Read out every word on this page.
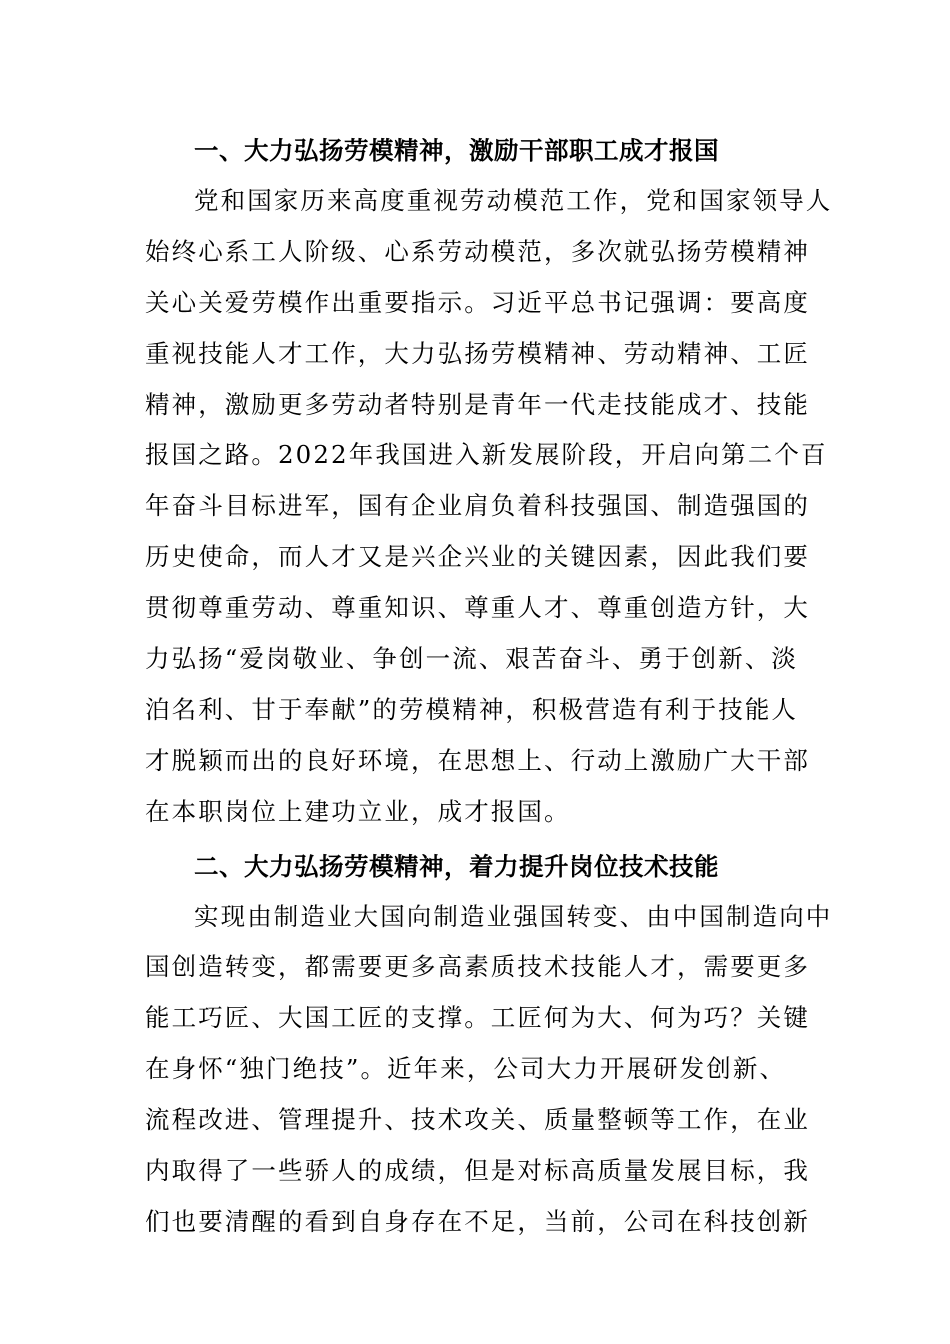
一、大力弘扬劳模精神，激励干部职工成才报国
党和国家历来高度重视劳动模范工作，党和国家领导人
始终心系工人阶级、心系劳动模范，多次就弘扬劳模精神
关心关爱劳模作出重要指示。习近平总书记强调：要高度
重视技能人才工作，大力弘扬劳模精神、劳动精神、工匠
精神，激励更多劳动者特别是青年一代走技能成才、技能
报国之路。2022年我国进入新发展阶段，开启向第二个百
年奋斗目标进军，国有企业肩负着科技强国、制造强国的
历史使命，而人才又是兴企兴业的关键因素，因此我们要
贯彻尊重劳动、尊重知识、尊重人才、尊重创造方针，大
力弘扬“爱岗敬业、争创一流、艰苦奋斗、勇于创新、淡
泊名利、甘于奉献”的劳模精神，积极营造有利于技能人
才脱颖而出的良好环境，在思想上、行动上激励广大干部
在本职岗位上建功立业，成才报国。
二、大力弘扬劳模精神，着力提升岗位技术技能
实现由制造业大国向制造业强国转变、由中国制造向中
国创造转变，都需要更多高素质技术技能人才，需要更多
能工巧匠、大国工匠的支撑。工匠何为大、何为巧？关键
在身怀“独门绝技”。近年来，公司大力开展研发创新、
流程改进、管理提升、技术攻关、质量整顿等工作，在业
内取得了一些骄人的成绩，但是对标高质量发展目标，我
们也要清醒的看到自身存在不足，当前，公司在科技创新
